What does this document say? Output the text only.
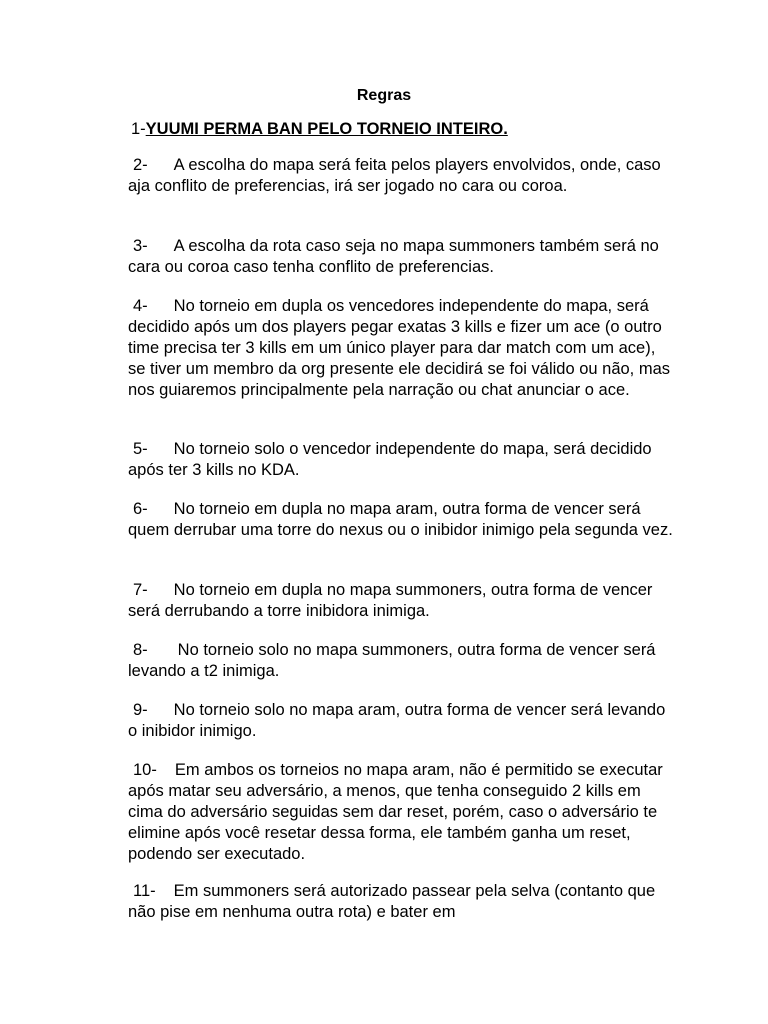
Regras
1-YUUMI PERMA BAN PELO TORNEIO INTEIRO.
2- A escolha do mapa será feita pelos players envolvidos, onde, caso aja conflito de preferencias, irá ser jogado no cara ou coroa.
3- A escolha da rota caso seja no mapa summoners também será no cara ou coroa caso tenha conflito de preferencias.
4- No torneio em dupla os vencedores independente do mapa, será decidido após um dos players pegar exatas 3 kills e fizer um ace (o outro time precisa ter 3 kills em um único player para dar match com um ace), se tiver um membro da org presente ele decidirá se foi válido ou não, mas nos guiaremos principalmente pela narração ou chat anunciar o ace.
5- No torneio solo o vencedor independente do mapa, será decidido após ter 3 kills no KDA.
6- No torneio em dupla no mapa aram, outra forma de vencer será quem derrubar uma torre do nexus ou o inibidor inimigo pela segunda vez.
7- No torneio em dupla no mapa summoners, outra forma de vencer será derrubando a torre inibidora inimiga.
8- No torneio solo no mapa summoners, outra forma de vencer será levando a t2 inimiga.
9- No torneio solo no mapa aram, outra forma de vencer será levando o inibidor inimigo.
10- Em ambos os torneios no mapa aram, não é permitido se executar após matar seu adversário, a menos, que tenha conseguido 2 kills em cima do adversário seguidas sem dar reset, porém, caso o adversário te elimine após você resetar dessa forma, ele também ganha um reset, podendo ser executado.
11- Em summoners será autorizado passear pela selva (contanto que não pise em nenhuma outra rota) e bater em
